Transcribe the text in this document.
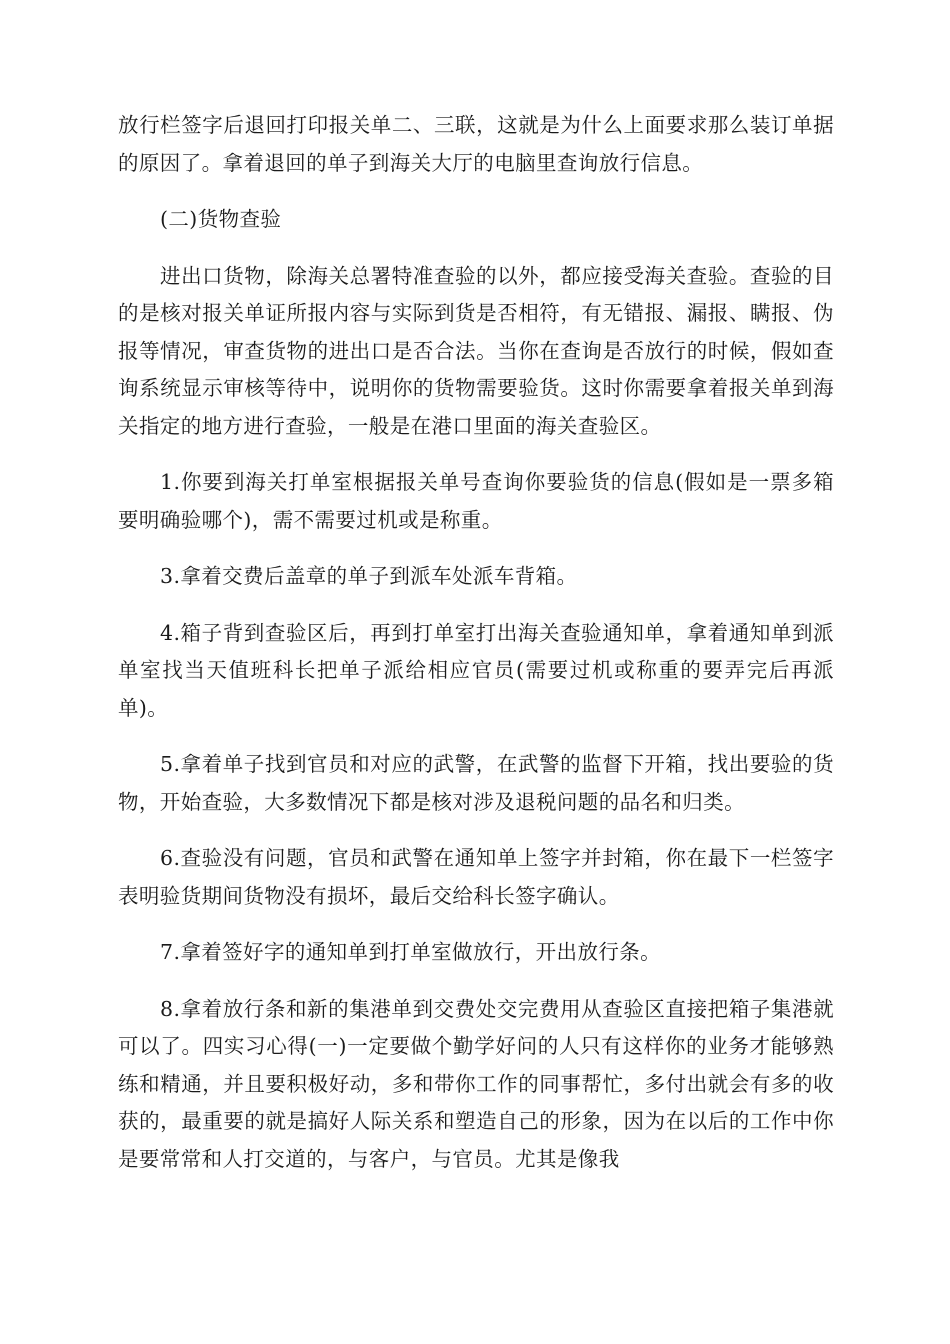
放行栏签字后退回打印报关单二、三联，这就是为什么上面要求那么装订单据的原因了。拿着退回的单子到海关大厅的电脑里查询放行信息。

(二)货物查验

进出口货物，除海关总署特准查验的以外，都应接受海关查验。查验的目的是核对报关单证所报内容与实际到货是否相符，有无错报、漏报、瞒报、伪报等情况，审查货物的进出口是否合法。当你在查询是否放行的时候，假如查询系统显示审核等待中，说明你的货物需要验货。这时你需要拿着报关单到海关指定的地方进行查验，一般是在港口里面的海关查验区。

1.你要到海关打单室根据报关单号查询你要验货的信息(假如是一票多箱要明确验哪个)，需不需要过机或是称重。

3.拿着交费后盖章的单子到派车处派车背箱。

4.箱子背到查验区后，再到打单室打出海关查验通知单，拿着通知单到派单室找当天值班科长把单子派给相应官员(需要过机或称重的要弄完后再派单)。

5.拿着单子找到官员和对应的武警，在武警的监督下开箱，找出要验的货物，开始查验，大多数情况下都是核对涉及退税问题的品名和归类。

6.查验没有问题，官员和武警在通知单上签字并封箱，你在最下一栏签字表明验货期间货物没有损坏，最后交给科长签字确认。

7.拿着签好字的通知单到打单室做放行，开出放行条。

8.拿着放行条和新的集港单到交费处交完费用从查验区直接把箱子集港就可以了。四实习心得(一)一定要做个勤学好问的人只有这样你的业务才能够熟练和精通，并且要积极好动，多和带你工作的同事帮忙，多付出就会有多的收获的，最重要的就是搞好人际关系和塑造自己的形象，因为在以后的工作中你是要常常和人打交道的，与客户，与官员。尤其是像我
